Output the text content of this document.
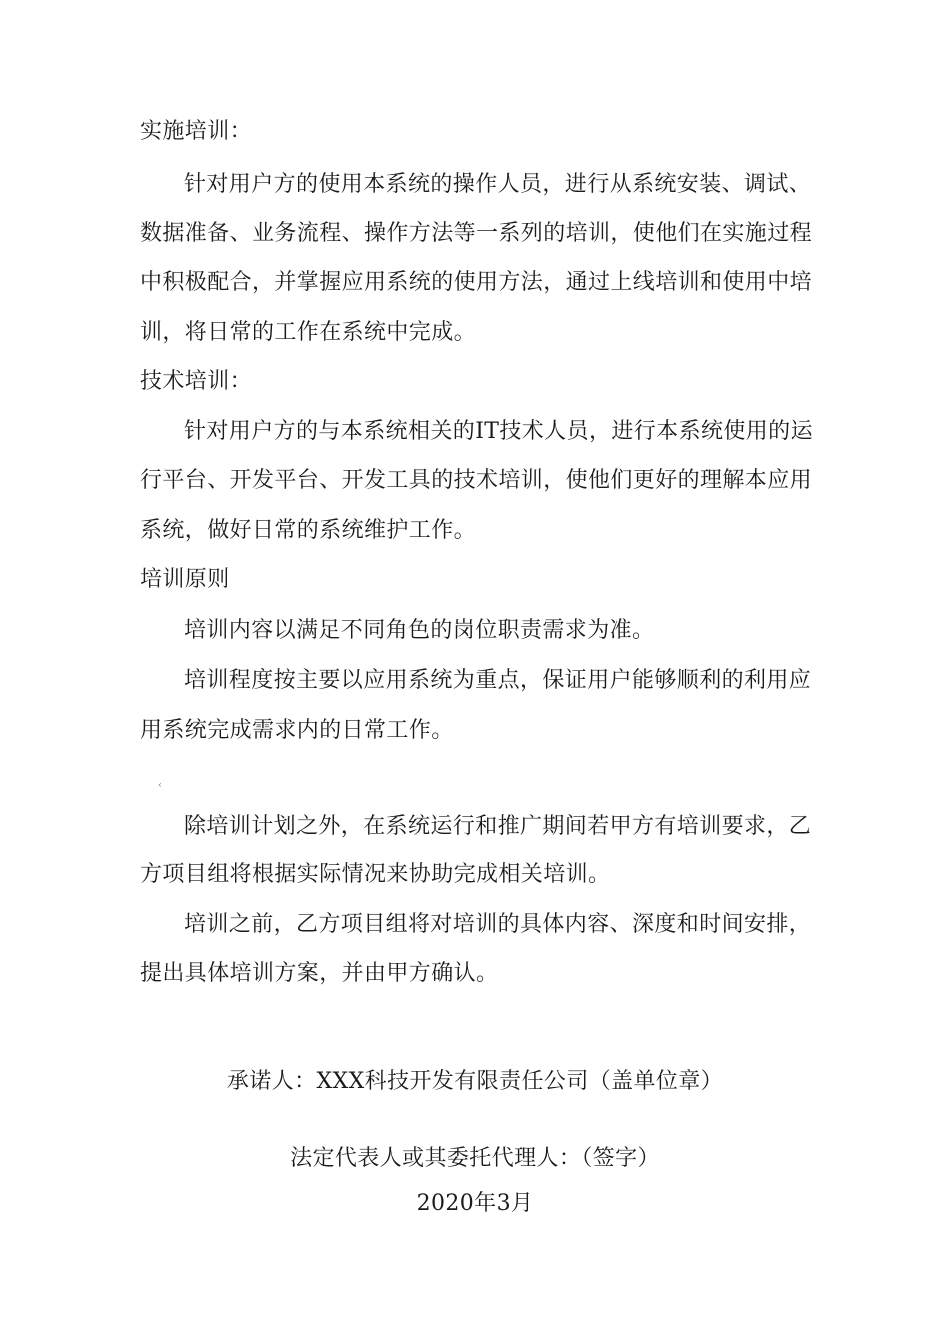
实施培训：
针对用户方的使用本系统的操作人员，进行从系统安装、调试、
数据准备、业务流程、操作方法等一系列的培训，使他们在实施过程
中积极配合，并掌握应用系统的使用方法，通过上线培训和使用中培
训，将日常的工作在系统中完成。
技术培训：
针对用户方的与本系统相关的IT技术人员，进行本系统使用的运
行平台、开发平台、开发工具的技术培训，使他们更好的理解本应用
系统，做好日常的系统维护工作。
培训原则
培训内容以满足不同角色的岗位职责需求为准。
培训程度按主要以应用系统为重点，保证用户能够顺利的利用应
用系统完成需求内的日常工作。
‹
除培训计划之外，在系统运行和推广期间若甲方有培训要求，乙
方项目组将根据实际情况来协助完成相关培训。
培训之前，乙方项目组将对培训的具体内容、深度和时间安排，
提出具体培训方案，并由甲方确认。
承诺人：XXX科技开发有限责任公司（盖单位章）
法定代表人或其委托代理人：（签字）
2020年3月
